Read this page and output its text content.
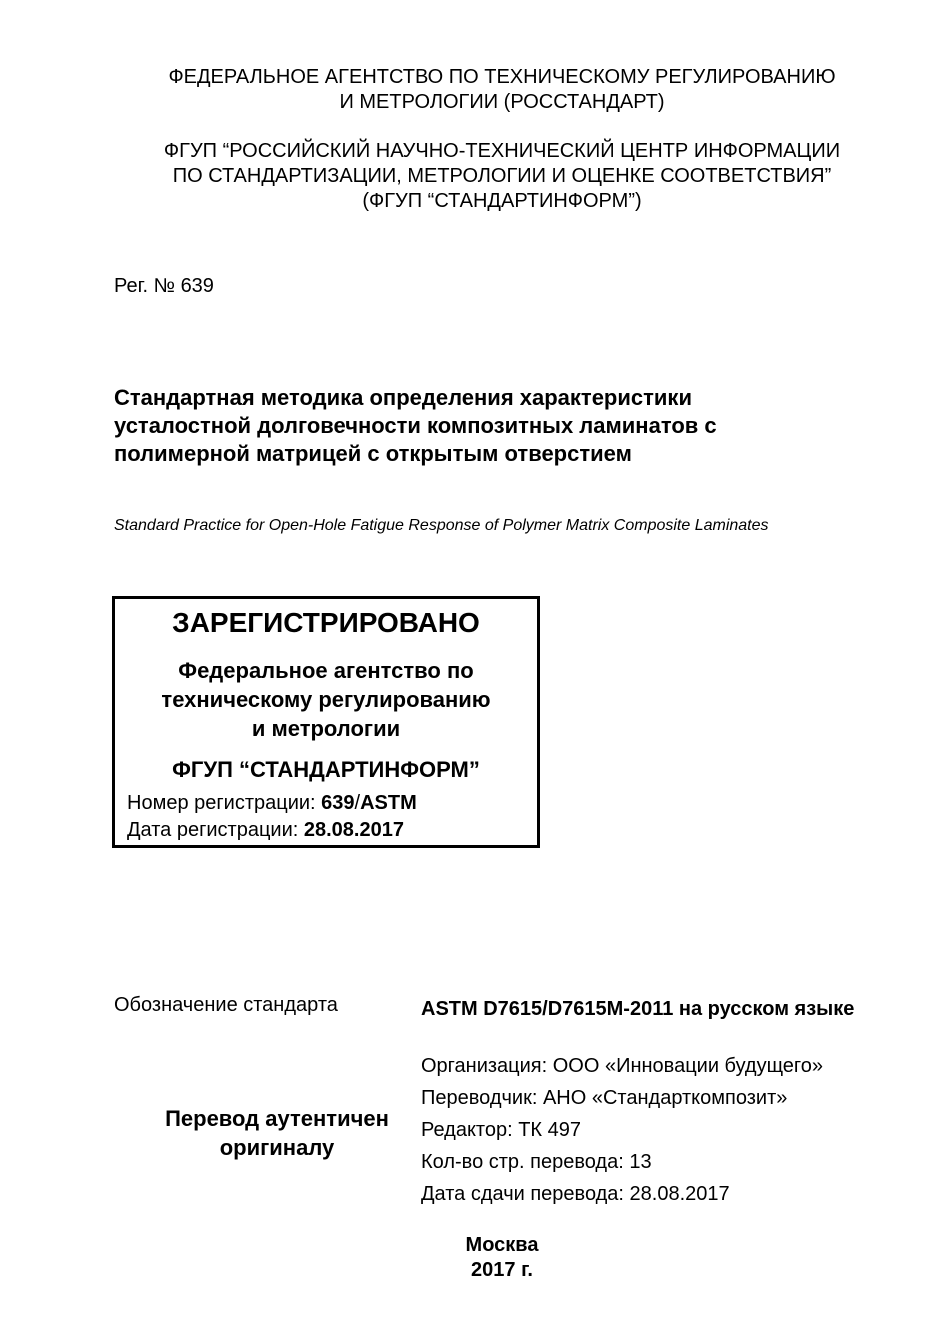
ФЕДЕРАЛЬНОЕ АГЕНТСТВО ПО ТЕХНИЧЕСКОМУ РЕГУЛИРОВАНИЮ
И МЕТРОЛОГИИ (РОССТАНДАРТ)
ФГУП “РОССИЙСКИЙ НАУЧНО-ТЕХНИЧЕСКИЙ ЦЕНТР ИНФОРМАЦИИ
ПО СТАНДАРТИЗАЦИИ, МЕТРОЛОГИИ И ОЦЕНКЕ СООТВЕТСТВИЯ”
(ФГУП “СТАНДАРТИНФОРМ”)
Рег. № 639
Стандартная методика определения характеристики
усталостной долговечности композитных ламинатов с
полимерной матрицей с открытым отверстием
Standard Practice for Open-Hole Fatigue Response of Polymer Matrix Composite Laminates
ЗАРЕГИСТРИРОВАНО
Федеральное агентство по
техническому регулированию
и метрологии
ФГУП “СТАНДАРТИНФОРМ”
Номер регистрации: 639/ASTM
Дата регистрации: 28.08.2017
Обозначение стандарта	ASTM D7615/D7615M-2011 на русском языке
Перевод аутентичен
оригиналу
Организация: ООО «Инновации будущего»
Переводчик: АНО «Стандарткомпозит»
Редактор: ТК 497
Кол-во стр. перевода: 13
Дата сдачи перевода: 28.08.2017
Москва
2017 г.
